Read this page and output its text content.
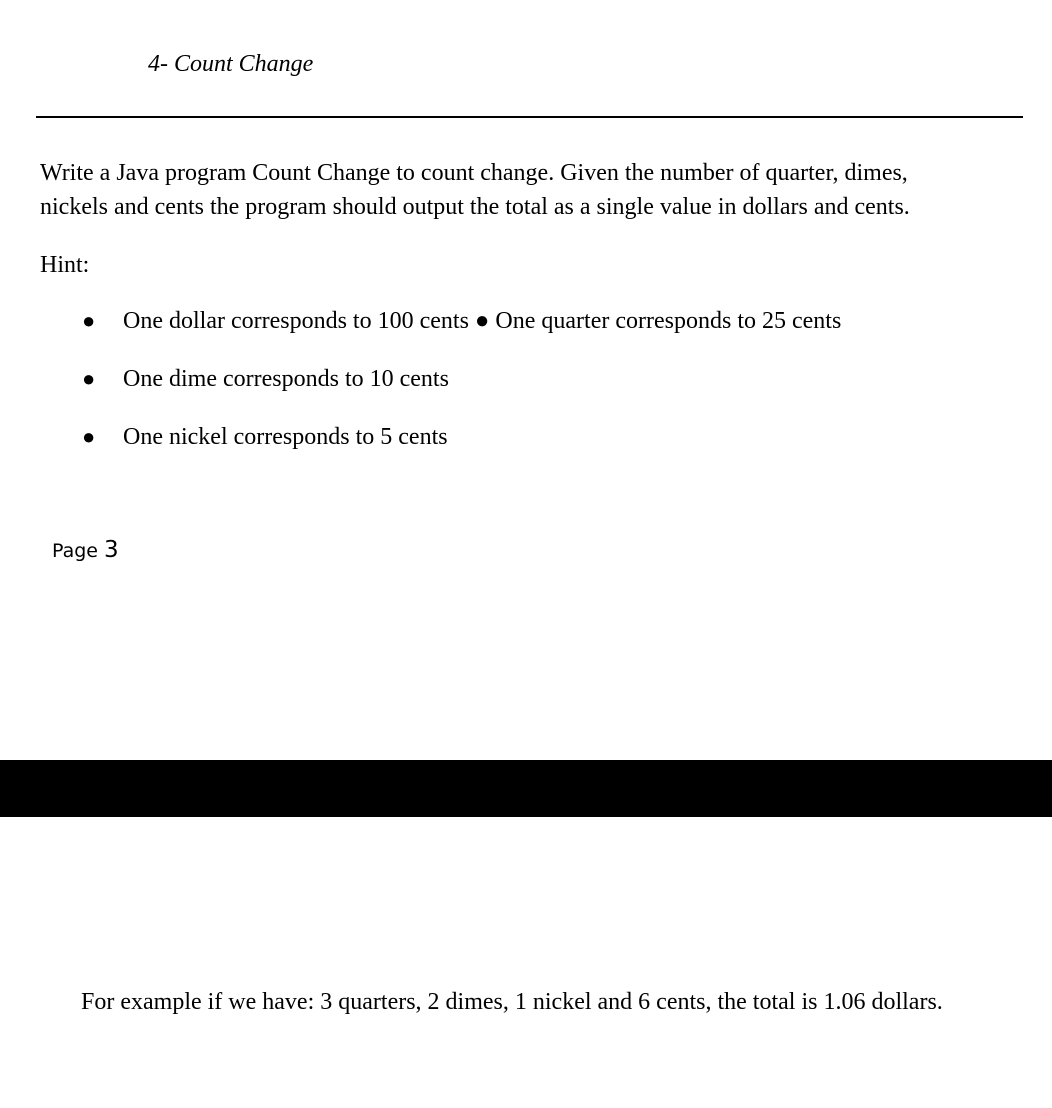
4- Count Change
Write a Java program Count Change to count change. Given the number of quarter, dimes,
nickels and cents the program should output the total as a single value in dollars and cents.
Hint:
● One dollar corresponds to 100 cents ● One quarter corresponds to 25 cents
● One dime corresponds to 10 cents
● One nickel corresponds to 5 cents
Page 3
For example if we have: 3 quarters, 2 dimes, 1 nickel and 6 cents, the total is 1.06 dollars.
